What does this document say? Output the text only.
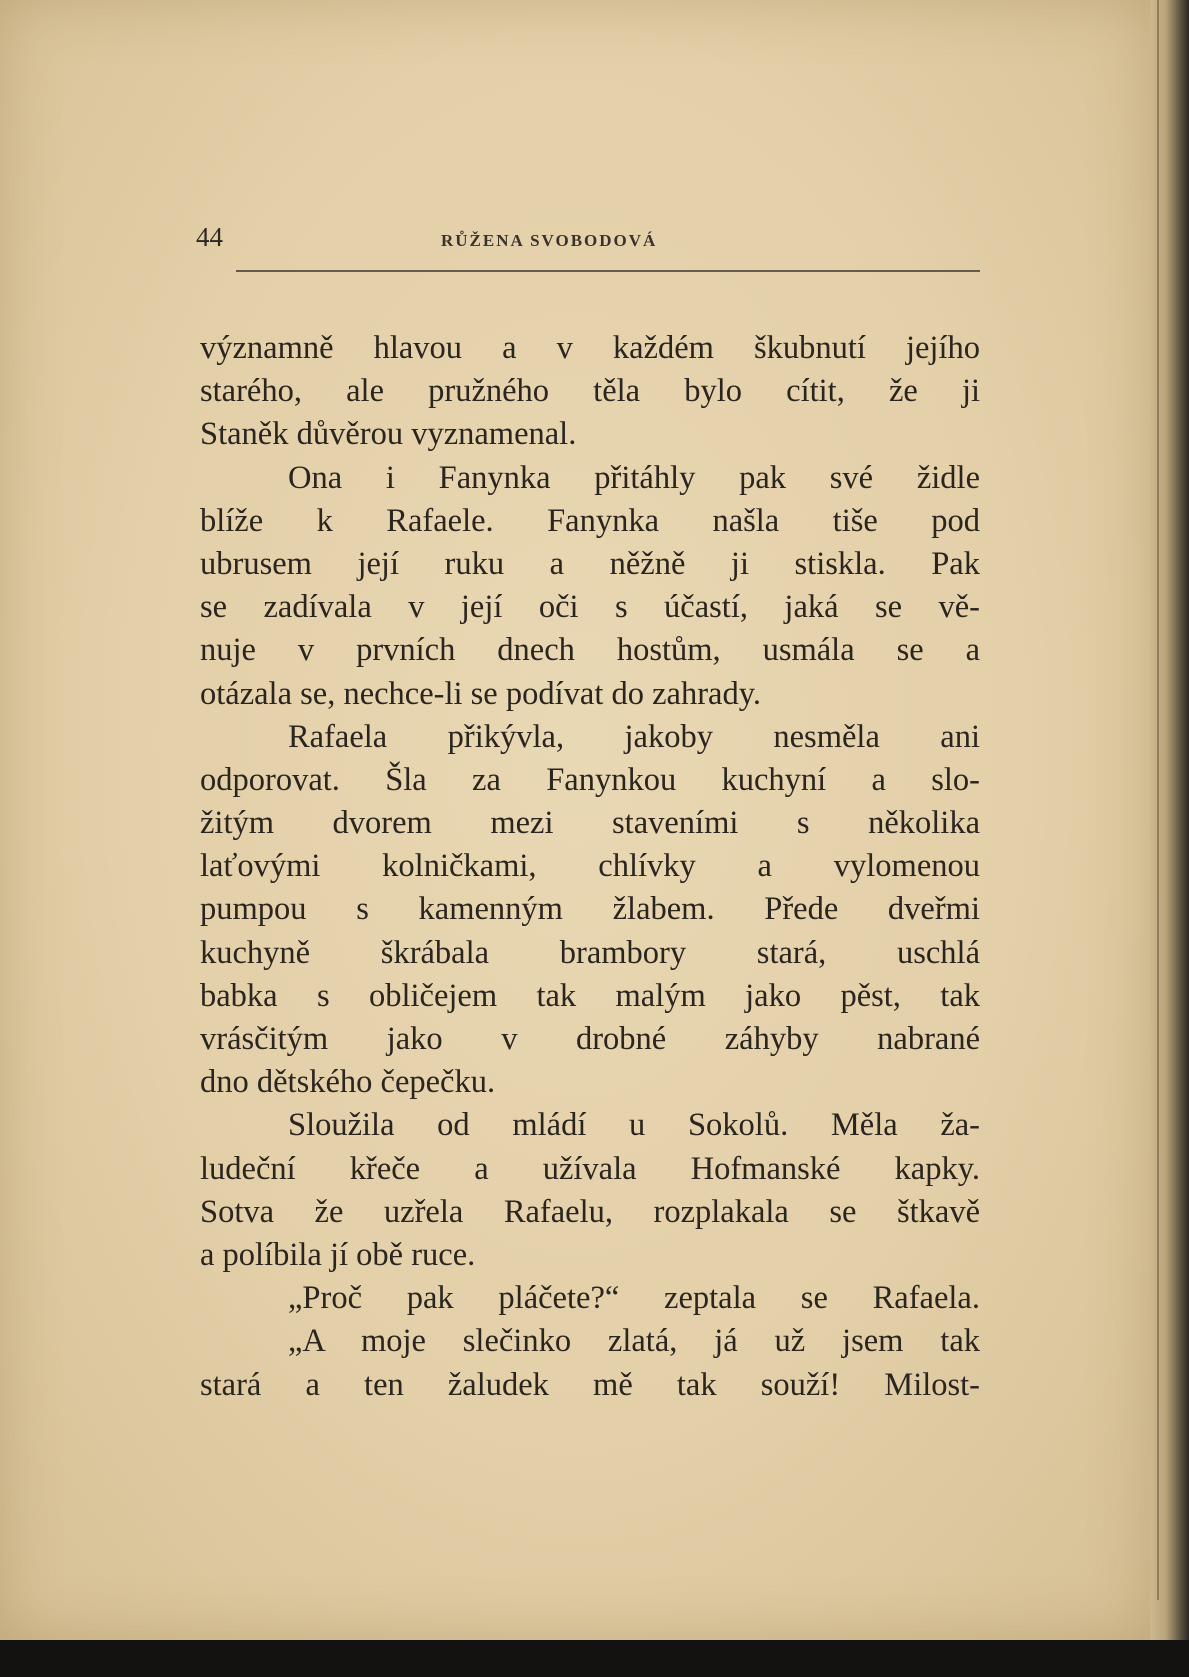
44	RŮŽENA SVOBODOVÁ
významně hlavou a v každém škubnutí jejího
starého, ale pružného těla bylo cítit, že ji
Staněk důvěrou vyznamenal.
Ona i Fanynka přitáhly pak své židle
blíže k Rafaele. Fanynka našla tiše pod
ubrusem její ruku a něžně ji stiskla. Pak
se zadívala v její oči s účastí, jaká se vě-
nuje v prvních dnech hostům, usmála se a
otázala se, nechce-li se podívat do zahrady.
Rafaela přikývla, jakoby nesměla ani
odporovat. Šla za Fanynkou kuchyní a slo-
žitým dvorem mezi staveními s několika
laťovými kolničkami, chlívky a vylomenou
pumpou s kamenným žlabem. Přede dveřmi
kuchyně škrábala brambory stará, uschlá
babka s obličejem tak malým jako pěst, tak
vrásčitým jako v drobné záhyby nabrané
dno dětského čepečku.
Sloužila od mládí u Sokolů. Měla ža-
ludeční křeče a užívala Hofmanské kapky.
Sotva že uzřela Rafaelu, rozplakala se štkavě
a políbila jí obě ruce.
„Proč pak pláčete?“ zeptala se Rafaela.
„A moje slečinko zlatá, já už jsem tak
stará a ten žaludek mě tak souží! Milost-
